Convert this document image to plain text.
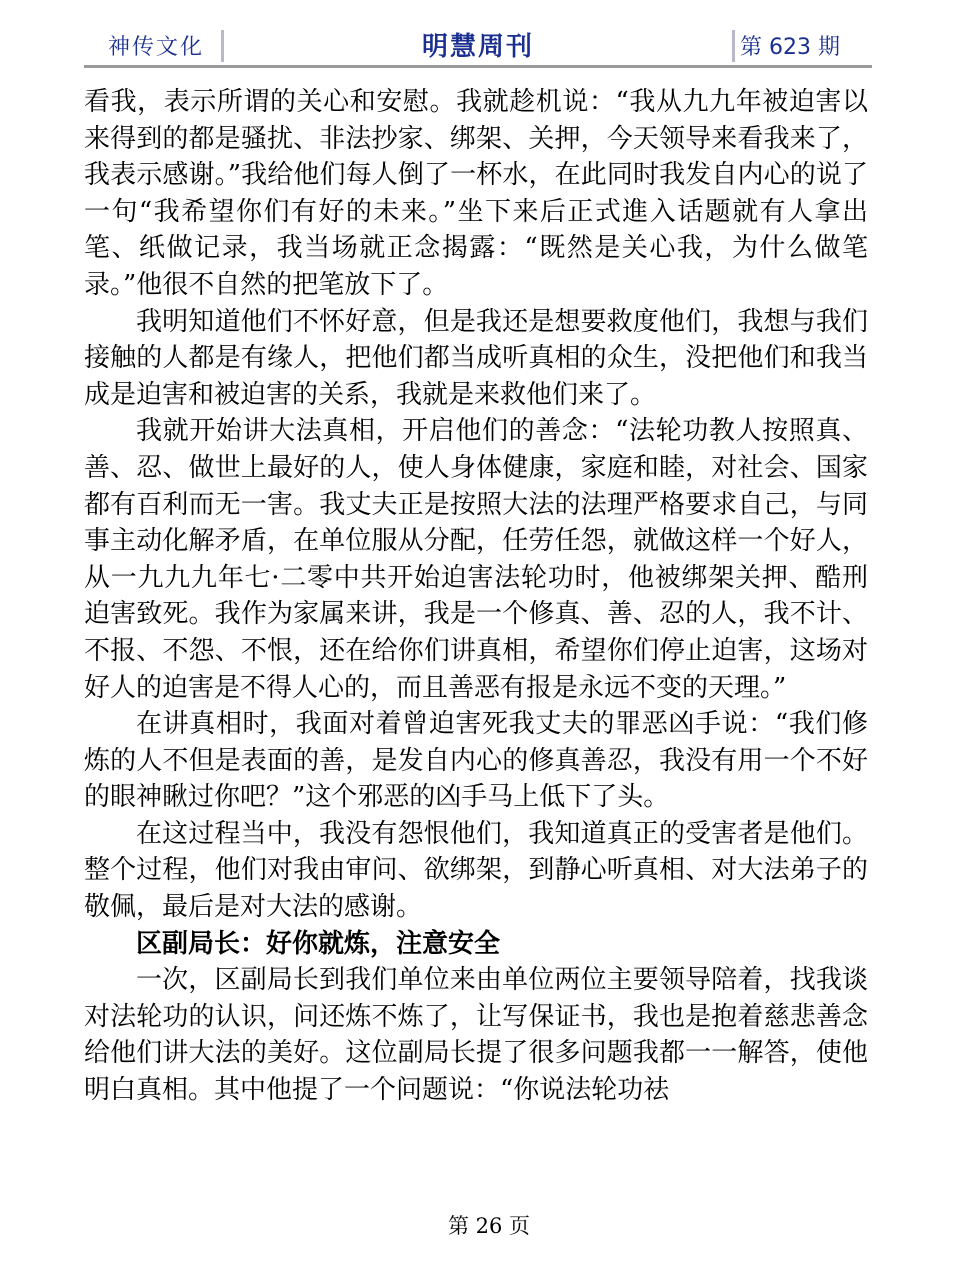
神传文化	明慧周刊	第 623 期

看我，表示所谓的关心和安慰。我就趁机说：“我从九九年被迫害以来得到的都是骚扰、非法抄家、绑架、关押，今天领导来看我来了，我表示感谢。”我给他们每人倒了一杯水，在此同时我发自内心的说了一句“我希望你们有好的未来。”坐下来后正式進入话题就有人拿出笔、纸做记录，我当场就正念揭露：“既然是关心我，为什么做笔录。”他很不自然的把笔放下了。

我明知道他们不怀好意，但是我还是想要救度他们，我想与我们接触的人都是有缘人，把他们都当成听真相的众生，没把他们和我当成是迫害和被迫害的关系，我就是来救他们来了。

我就开始讲大法真相，开启他们的善念：“法轮功教人按照真、善、忍、做世上最好的人，使人身体健康，家庭和睦，对社会、国家都有百利而无一害。我丈夫正是按照大法的法理严格要求自己，与同事主动化解矛盾，在单位服从分配，任劳任怨，就做这样一个好人，从一九九九年七·二零中共开始迫害法轮功时，他被绑架关押、酷刑迫害致死。我作为家属来讲，我是一个修真、善、忍的人，我不计、不报、不怨、不恨，还在给你们讲真相，希望你们停止迫害，这场对好人的迫害是不得人心的，而且善恶有报是永远不变的天理。”

在讲真相时，我面对着曾迫害死我丈夫的罪恶凶手说：“我们修炼的人不但是表面的善，是发自内心的修真善忍，我没有用一个不好的眼神瞅过你吧？”这个邪恶的凶手马上低下了头。

在这过程当中，我没有怨恨他们，我知道真正的受害者是他们。整个过程，他们对我由审问、欲绑架，到静心听真相、对大法弟子的敬佩，最后是对大法的感谢。

区副局长：好你就炼，注意安全

一次，区副局长到我们单位来由单位两位主要领导陪着，找我谈对法轮功的认识，问还炼不炼了，让写保证书，我也是抱着慈悲善念给他们讲大法的美好。这位副局长提了很多问题我都一一解答，使他明白真相。其中他提了一个问题说：“你说法轮功祛

第 26 页
